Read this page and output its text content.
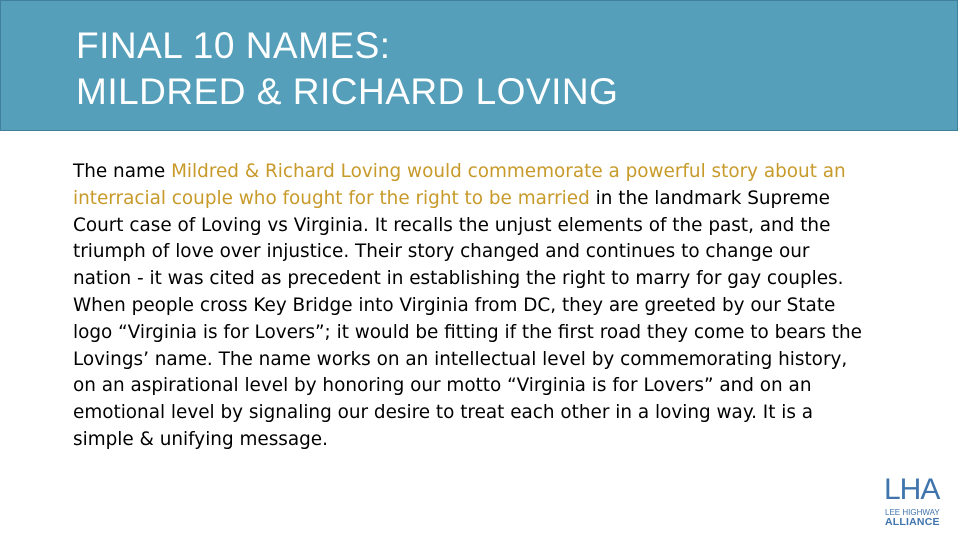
FINAL 10 NAMES:
MILDRED & RICHARD LOVING
The name Mildred & Richard Loving would commemorate a powerful story about an interracial couple who fought for the right to be married in the landmark Supreme Court case of Loving vs Virginia. It recalls the unjust elements of the past, and the triumph of love over injustice. Their story changed and continues to change our nation - it was cited as precedent in establishing the right to marry for gay couples. When people cross Key Bridge into Virginia from DC, they are greeted by our State logo “Virginia is for Lovers”; it would be fitting if the first road they come to bears the Lovings’ name. The name works on an intellectual level by commemorating history, on an aspirational level by honoring our motto “Virginia is for Lovers” and on an emotional level by signaling our desire to treat each other in a loving way. It is a simple & unifying message.
LHA
LEE HIGHWAY
ALLIANCE
